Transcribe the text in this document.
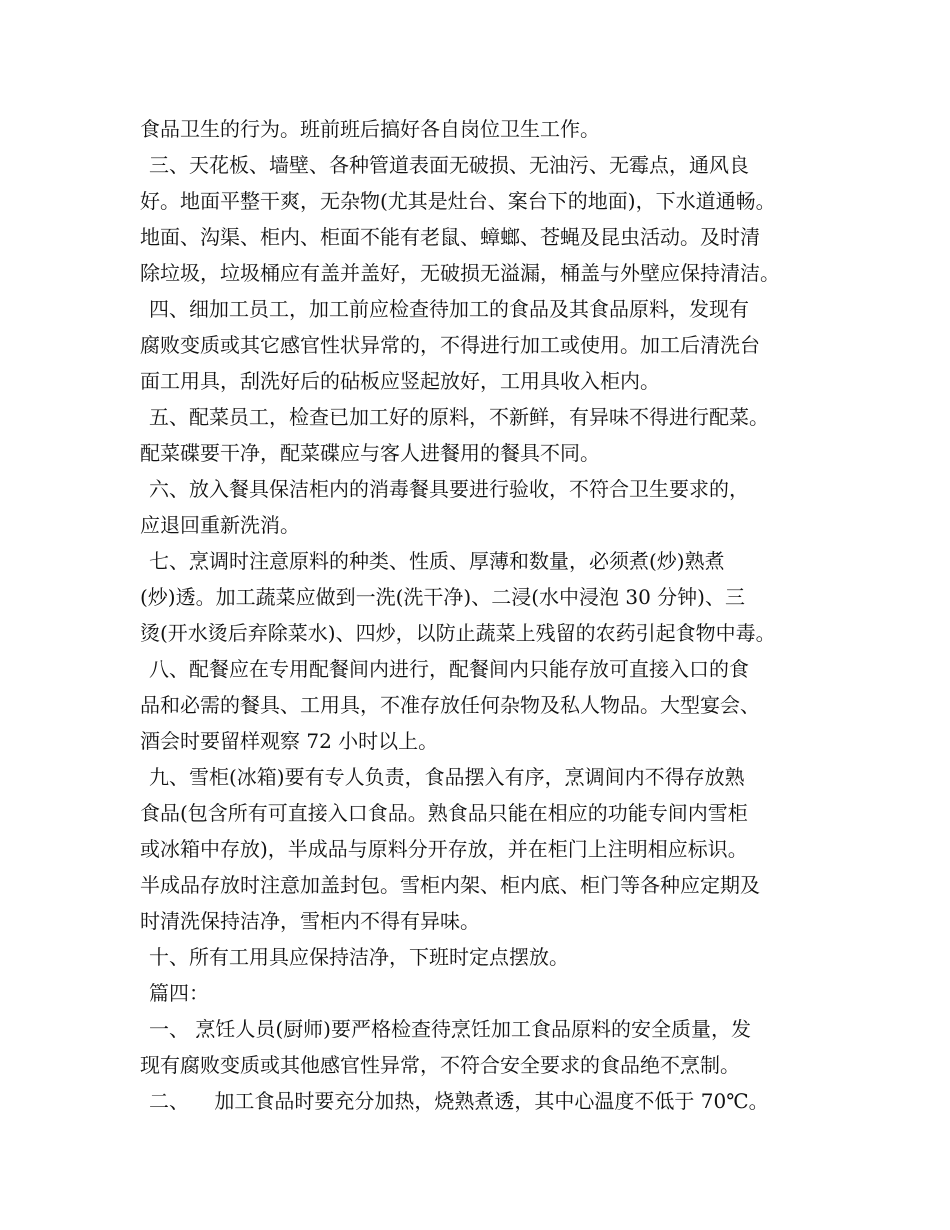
食品卫生的行为。班前班后搞好各自岗位卫生工作。
三、天花板、墙壁、各种管道表面无破损、无油污、无霉点，通风良
好。地面平整干爽，无杂物(尤其是灶台、案台下的地面)，下水道通畅。
地面、沟渠、柜内、柜面不能有老鼠、蟑螂、苍蝇及昆虫活动。及时清
除垃圾，垃圾桶应有盖并盖好，无破损无溢漏，桶盖与外壁应保持清洁。
四、细加工员工，加工前应检查待加工的食品及其食品原料，发现有
腐败变质或其它感官性状异常的，不得进行加工或使用。加工后清洗台
面工用具，刮洗好后的砧板应竖起放好，工用具收入柜内。
五、配菜员工，检查已加工好的原料，不新鲜，有异味不得进行配菜。
配菜碟要干净，配菜碟应与客人进餐用的餐具不同。
六、放入餐具保洁柜内的消毒餐具要进行验收，不符合卫生要求的，
应退回重新洗消。
七、烹调时注意原料的种类、性质、厚薄和数量，必须煮(炒)熟煮
(炒)透。加工蔬菜应做到一洗(洗干净)、二浸(水中浸泡 30 分钟)、三
烫(开水烫后弃除菜水)、四炒，以防止蔬菜上残留的农药引起食物中毒。
八、配餐应在专用配餐间内进行，配餐间内只能存放可直接入口的食
品和必需的餐具、工用具，不准存放任何杂物及私人物品。大型宴会、
酒会时要留样观察 72 小时以上。
九、雪柜(冰箱)要有专人负责，食品摆入有序，烹调间内不得存放熟
食品(包含所有可直接入口食品。熟食品只能在相应的功能专间内雪柜
或冰箱中存放)，半成品与原料分开存放，并在柜门上注明相应标识。
半成品存放时注意加盖封包。雪柜内架、柜内底、柜门等各种应定期及
时清洗保持洁净，雪柜内不得有异味。
十、所有工用具应保持洁净，下班时定点摆放。
篇四：
一、 烹饪人员(厨师)要严格检查待烹饪加工食品原料的安全质量，发
现有腐败变质或其他感官性异常，不符合安全要求的食品绝不烹制。
二、    加工食品时要充分加热，烧熟煮透，其中心温度不低于 70℃。
